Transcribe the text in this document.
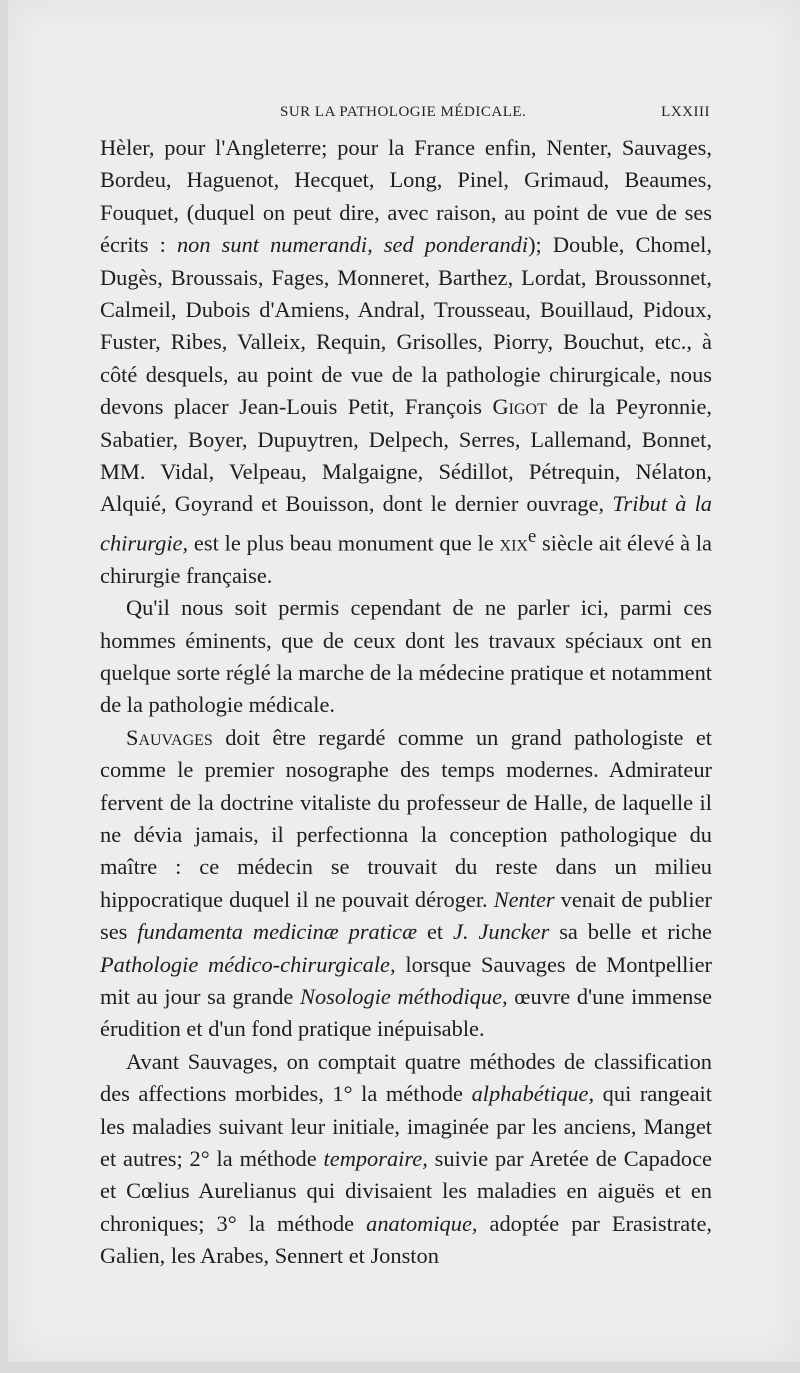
SUR LA PATHOLOGIE MÉDICALE.	LXXIII

Hèler, pour l'Angleterre; pour la France enfin, Nenter, Sauvages, Bordeu, Haguenot, Hecquet, Long, Pinel, Grimaud, Beaumes, Fouquet, (duquel on peut dire, avec raison, au point de vue de ses écrits : non sunt numerandi, sed ponderandi); Double, Chomel, Dugès, Broussais, Fages, Monneret, Barthez, Lordat, Broussonnet, Calmeil, Dubois d'Amiens, Andral, Trousseau, Bouillaud, Pidoux, Fuster, Ribes, Valleix, Requin, Grisolles, Piorry, Bouchut, etc., à côté desquels, au point de vue de la pathologie chirurgicale, nous devons placer Jean-Louis Petit, François Gigot de la Peyronnie, Sabatier, Boyer, Dupuytren, Delpech, Serres, Lallemand, Bonnet, MM. Vidal, Velpeau, Malgaigne, Sédillot, Pétrequin, Nélaton, Alquié, Goyrand et Bouisson, dont le dernier ouvrage, Tribut à la chirurgie, est le plus beau monument que le xix$^e$ siècle ait élevé à la chirurgie française.

Qu'il nous soit permis cependant de ne parler ici, parmi ces hommes éminents, que de ceux dont les travaux spéciaux ont en quelque sorte réglé la marche de la médecine pratique et notamment de la pathologie médicale.

Sauvages doit être regardé comme un grand pathologiste et comme le premier nosographe des temps modernes. Admirateur fervent de la doctrine vitaliste du professeur de Halle, de laquelle il ne dévia jamais, il perfectionna la conception pathologique du maître : ce médecin se trouvait du reste dans un milieu hippocratique duquel il ne pouvait déroger. Nenter venait de publier ses fundamenta medicinæ praticæ et J. Juncker sa belle et riche Pathologie médico-chirurgicale, lorsque Sauvages de Montpellier mit au jour sa grande Nosologie méthodique, œuvre d'une immense érudition et d'un fond pratique inépuisable.

Avant Sauvages, on comptait quatre méthodes de classification des affections morbides, 1° la méthode alphabétique, qui rangeait les maladies suivant leur initiale, imaginée par les anciens, Manget et autres; 2° la méthode temporaire, suivie par Aretée de Capadoce et Cœlius Aurelianus qui divisaient les maladies en aiguës et en chroniques; 3° la méthode anatomique, adoptée par Erasistrate, Galien, les Arabes, Sennert et Jonston
